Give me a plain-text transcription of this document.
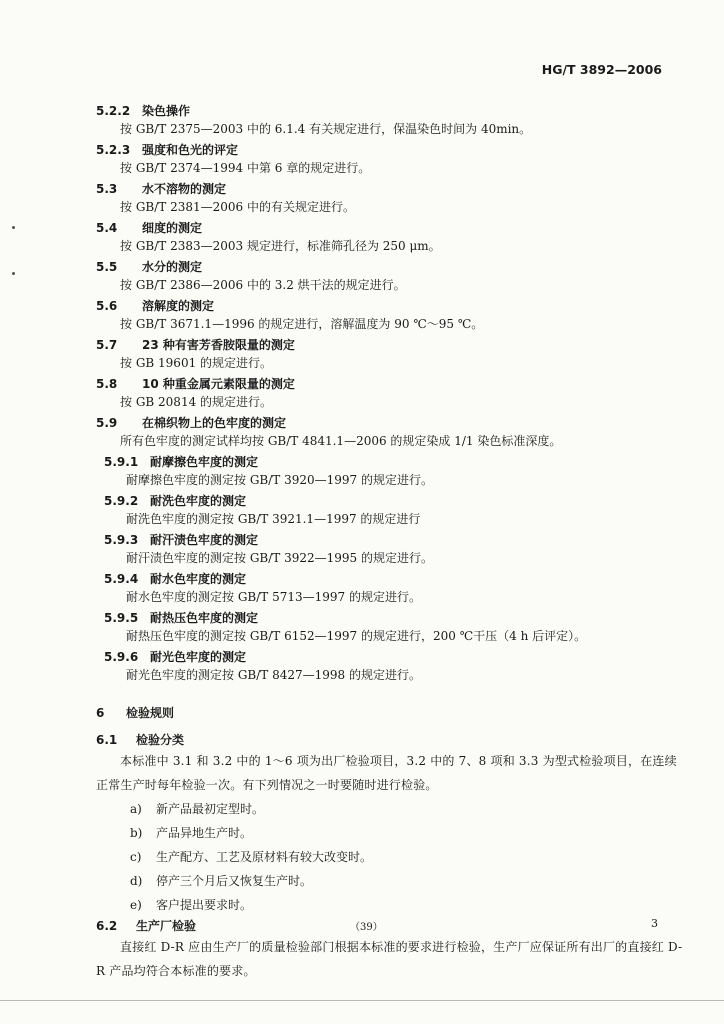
HG/T 3892—2006
5.2.2 染色操作

按 GB/T 2375—2003 中的 6.1.4 有关规定进行，保温染色时间为 40min。

5.2.3 强度和色光的评定

按 GB/T 2374—1994 中第 6 章的规定进行。

5.3 水不溶物的测定

按 GB/T 2381—2006 中的有关规定进行。

5.4 细度的测定

按 GB/T 2383—2003 规定进行，标准筛孔径为 250 μm。

5.5 水分的测定

按 GB/T 2386—2006 中的 3.2 烘干法的规定进行。

5.6 溶解度的测定

按 GB/T 3671.1—1996 的规定进行，溶解温度为 90 ℃～95 ℃。

5.7 23 种有害芳香胺限量的测定

按 GB 19601 的规定进行。

5.8 10 种重金属元素限量的测定

按 GB 20814 的规定进行。

5.9 在棉织物上的色牢度的测定

所有色牢度的测定试样均按 GB/T 4841.1—2006 的规定染成 1/1 染色标准深度。

5.9.1 耐摩擦色牢度的测定

耐摩擦色牢度的测定按 GB/T 3920—1997 的规定进行。

5.9.2 耐洗色牢度的测定

耐洗色牢度的测定按 GB/T 3921.1—1997 的规定进行

5.9.3 耐汗渍色牢度的测定

耐汗渍色牢度的测定按 GB/T 3922—1995 的规定进行。

5.9.4 耐水色牢度的测定

耐水色牢度的测定按 GB/T 5713—1997 的规定进行。

5.9.5 耐热压色牢度的测定

耐热压色牢度的测定按 GB/T 6152—1997 的规定进行，200 ℃干压（4 h 后评定）。

5.9.6 耐光色牢度的测定

耐光色牢度的测定按 GB/T 8427—1998 的规定进行。

6 检验规则
6.1 检验分类

本标准中 3.1 和 3.2 中的 1～6 项为出厂检验项目，3.2 中的 7、8 项和 3.3 为型式检验项目，在连续正常生产时每年检验一次。有下列情况之一时要随时进行检验。

a) 新产品最初定型时。
b) 产品异地生产时。
c) 生产配方、工艺及原材料有较大改变时。
d) 停产三个月后又恢复生产时。
e) 客户提出要求时。
6.2 生产厂检验

直接红 D-R 应由生产厂的质量检验部门根据本标准的要求进行检验，生产厂应保证所有出厂的直接红 D-R 产品均符合本标准的要求。

（39）	3
